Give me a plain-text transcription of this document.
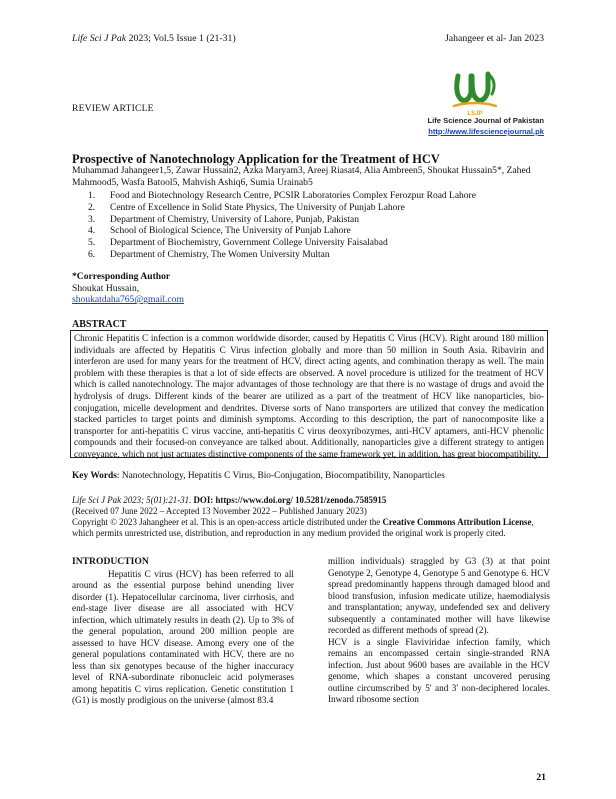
Life Sci J Pak 2023; Vol.5 Issue 1 (21-31)	Jahangeer et al- Jan 2023
LSJP
Life Science Journal of Pakistan
http://www.lifesciencejournal.pk
REVIEW ARTICLE
Prospective of Nanotechnology Application for the Treatment of HCV
Muhammad Jahangeer1,5, Zawar Hussain2, Azka Maryam3, Areej Riasat4, Alia Ambreen5, Shoukat Hussain5*, Zahed Mahmood5, Wasfa Batool5, Mahvish Ashiq6, Sumia Urainab5
1.	Food and Biotechnology Research Centre, PCSIR Laboratories Complex Ferozpur Road Lahore
2.	Centre of Excellence in Solid State Physics, The University of Punjab Lahore
3.	Department of Chemistry, University of Lahore, Punjab, Pakistan
4.	School of Biological Science, The University of Punjab Lahore
5.	Department of Biochemistry, Government College University Faisalabad
6.	Department of Chemistry, The Women University Multan
*Corresponding Author
Shoukat Hussain,
shoukatdaha765@gmail.com
ABSTRACT

Chronic Hepatitis C infection is a common worldwide disorder, caused by Hepatitis C Virus (HCV). Right around 180 million individuals are affected by Hepatitis C Virus infection globally and more than 50 million in South Asia. Ribavirin and interferon are used for many years for the treatment of HCV, direct acting agents, and combination therapy as well. The main problem with these therapies is that a lot of side effects are observed. A novel procedure is utilized for the treatment of HCV which is called nanotechnology. The major advantages of those technology are that there is no wastage of drugs and avoid the hydrolysis of drugs. Different kinds of the bearer are utilized as a part of the treatment of HCV like nanoparticles, bio-conjugation, micelle development and dendrites. Diverse sorts of Nano transporters are utilized that convey the medication stacked particles to target points and diminish symptoms. According to this description, the part of nanocomposite like a transporter for anti-hepatitis C virus vaccine, anti-hepatitis C virus deoxyribozymes, anti-HCV aptamers, anti-HCV phenolic compounds and their focused-on conveyance are talked about. Additionally, nanoparticles give a different strategy to antigen conveyance, which not just actuates distinctive components of the same framework yet, in addition, has great biocompatibility.

Key Words: Nanotechnology, Hepatitis C Virus, Bio-Conjugation, Biocompatibility, Nanoparticles
Life Sci J Pak 2023; 5(01):21-31. DOI: https://www.doi.org/ 10.5281/zenodo.7585915
(Received 07 June 2022 – Accepted 13 November 2022 – Published January 2023)
Copyright © 2023 Jahangheer et al. This is an open-access article distributed under the Creative Commons Attribution License, which permits unrestricted use, distribution, and reproduction in any medium provided the original work is properly cited.
INTRODUCTION

Hepatitis C virus (HCV) has been referred to all around as the essential purpose behind unending liver disorder (1). Hepatocellular carcinoma, liver cirrhosis, and end-stage liver disease are all associated with HCV infection, which ultimately results in death (2). Up to 3% of the general population, around 200 million people are assessed to have HCV disease. Among every one of the general populations contaminated with HCV, there are no less than six genotypes because of the higher inaccuracy level of RNA-subordinate ribonucleic acid polymerases among hepatitis C virus replication. Genetic constitution 1 (G1) is mostly prodigious on the universe (almost 83.4

million individuals) straggled by G3 (3) at that point Genotype 2, Genotype 4, Genotype 5 and Genotype 6. HCV spread predominantly happens through damaged blood and blood transfusion, infusion medicate utilize, haemodialysis and transplantation; anyway, undefended sex and delivery subsequently a contaminated mother will have likewise recorded as different methods of spread (2).

HCV is a single Flaviviridae infection family, which remains an encompassed certain single-stranded RNA infection. Just about 9600 bases are available in the HCV genome, which shapes a constant uncovered perusing outline circumscribed by 5' and 3' non-deciphered locales. Inward ribosome section

21
